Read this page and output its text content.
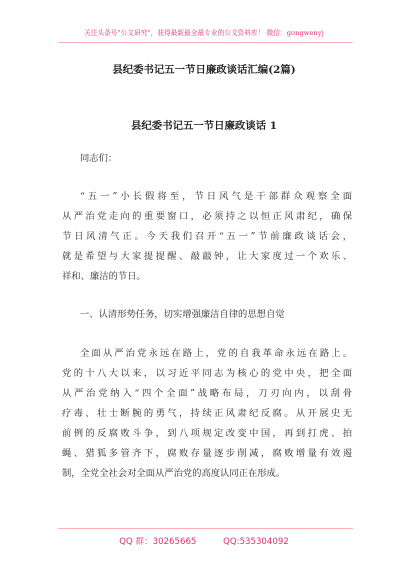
关注头条号"公文研究"，获得最新最全最专业的公文资料库！ 微信：gongwenyj
县纪委书记五一节日廉政谈话汇编(2篇)
县纪委书记五一节日廉政谈话 1
同志们：
“五一”小长假将至，节日风气是干部群众观察全面
从严治党走向的重要窗口，必须持之以恒正风肃纪，确保
节日风清气正。今天我们召开“五一”节前廉政谈话会，
就是希望与大家提提醒、敲敲钟，让大家度过一个欢乐、
祥和、廉洁的节日。
一、认清形势任务，切实增强廉洁自律的思想自觉
全面从严治党永远在路上，党的自我革命永远在路上。
党的十八大以来，以习近平同志为核心的党中央，把全面
从严治党纳入“四个全面”战略布局，刀刃向内，以刮骨
疗毒、壮士断腕的勇气，持续正风肃纪反腐。从开展史无
前例的反腐败斗争，到八项规定改变中国，再到打虎、拍
蝇、猎狐多管齐下，腐败存量逐步削减，腐败增量有效遏
制，全党全社会对全面从严治党的高度认同正在形成。
QQ 群：30265665	QQ:535304092
